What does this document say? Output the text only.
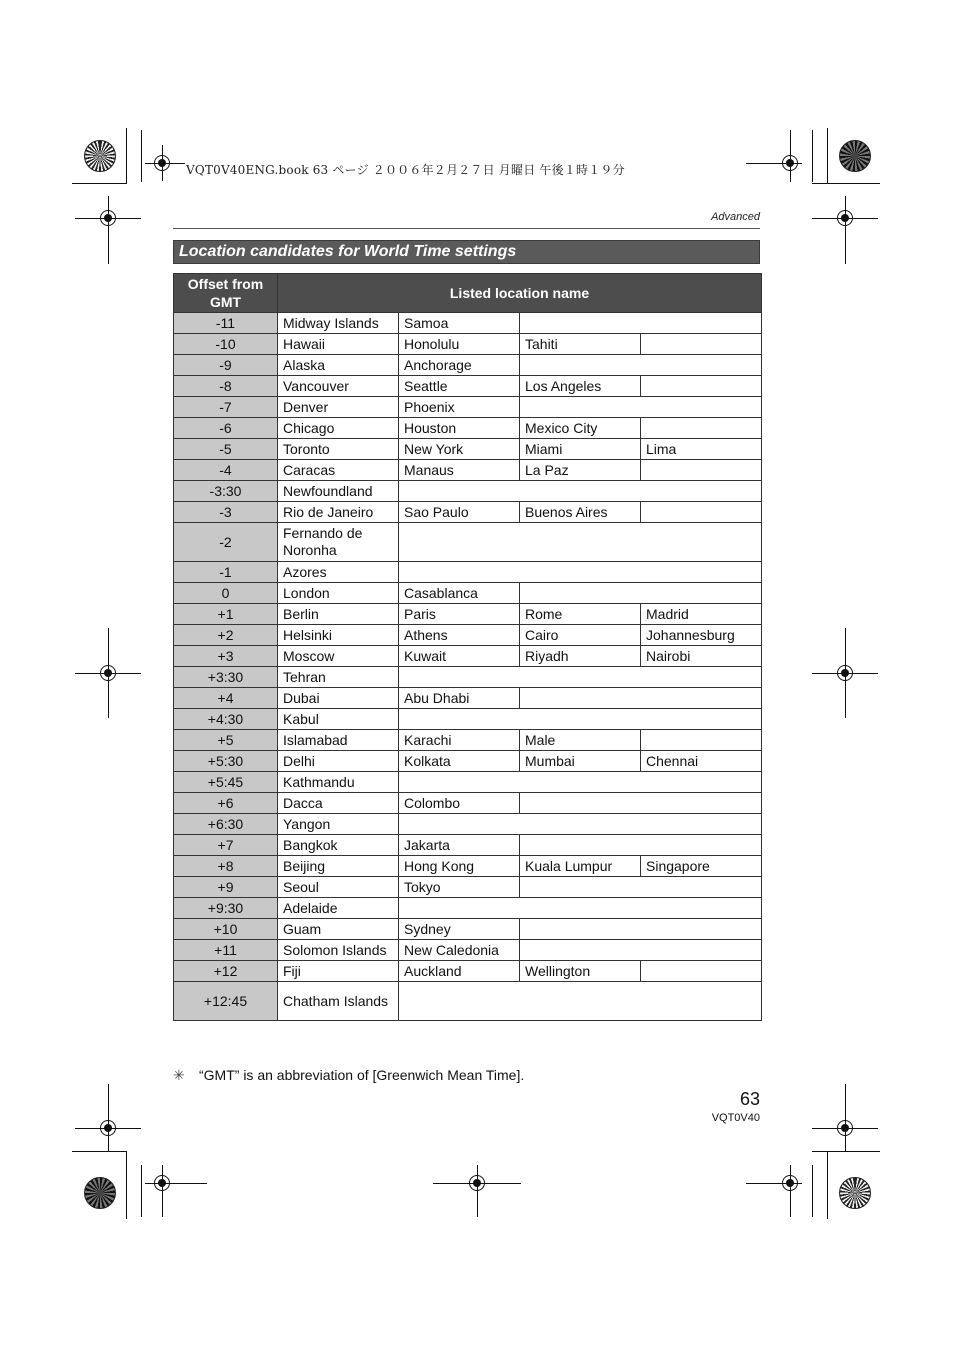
VQT0V40ENG.book 63 ページ ２００６年２月２７日 月曜日 午後１時１９分
Advanced
Location candidates for World Time settings
Offset from GMT	Listed location name			
-11	Midway Islands	Samoa		
-10	Hawaii	Honolulu	Tahiti	
-9	Alaska	Anchorage		
-8	Vancouver	Seattle	Los Angeles	
-7	Denver	Phoenix		
-6	Chicago	Houston	Mexico City	
-5	Toronto	New York	Miami	Lima
-4	Caracas	Manaus	La Paz	
-3:30	Newfoundland			
-3	Rio de Janeiro	Sao Paulo	Buenos Aires	
-2	Fernando de Noronha			
-1	Azores			
0	London	Casablanca		
+1	Berlin	Paris	Rome	Madrid
+2	Helsinki	Athens	Cairo	Johannesburg
+3	Moscow	Kuwait	Riyadh	Nairobi
+3:30	Tehran			
+4	Dubai	Abu Dhabi		
+4:30	Kabul			
+5	Islamabad	Karachi	Male	
+5:30	Delhi	Kolkata	Mumbai	Chennai
+5:45	Kathmandu			
+6	Dacca	Colombo		
+6:30	Yangon			
+7	Bangkok	Jakarta		
+8	Beijing	Hong Kong	Kuala Lumpur	Singapore
+9	Seoul	Tokyo		
+9:30	Adelaide			
+10	Guam	Sydney		
+11	Solomon Islands	New Caledonia		
+12	Fiji	Auckland	Wellington	
+12:45	Chatham Islands			
✳ “GMT” is an abbreviation of [Greenwich Mean Time].
63
VQT0V40
